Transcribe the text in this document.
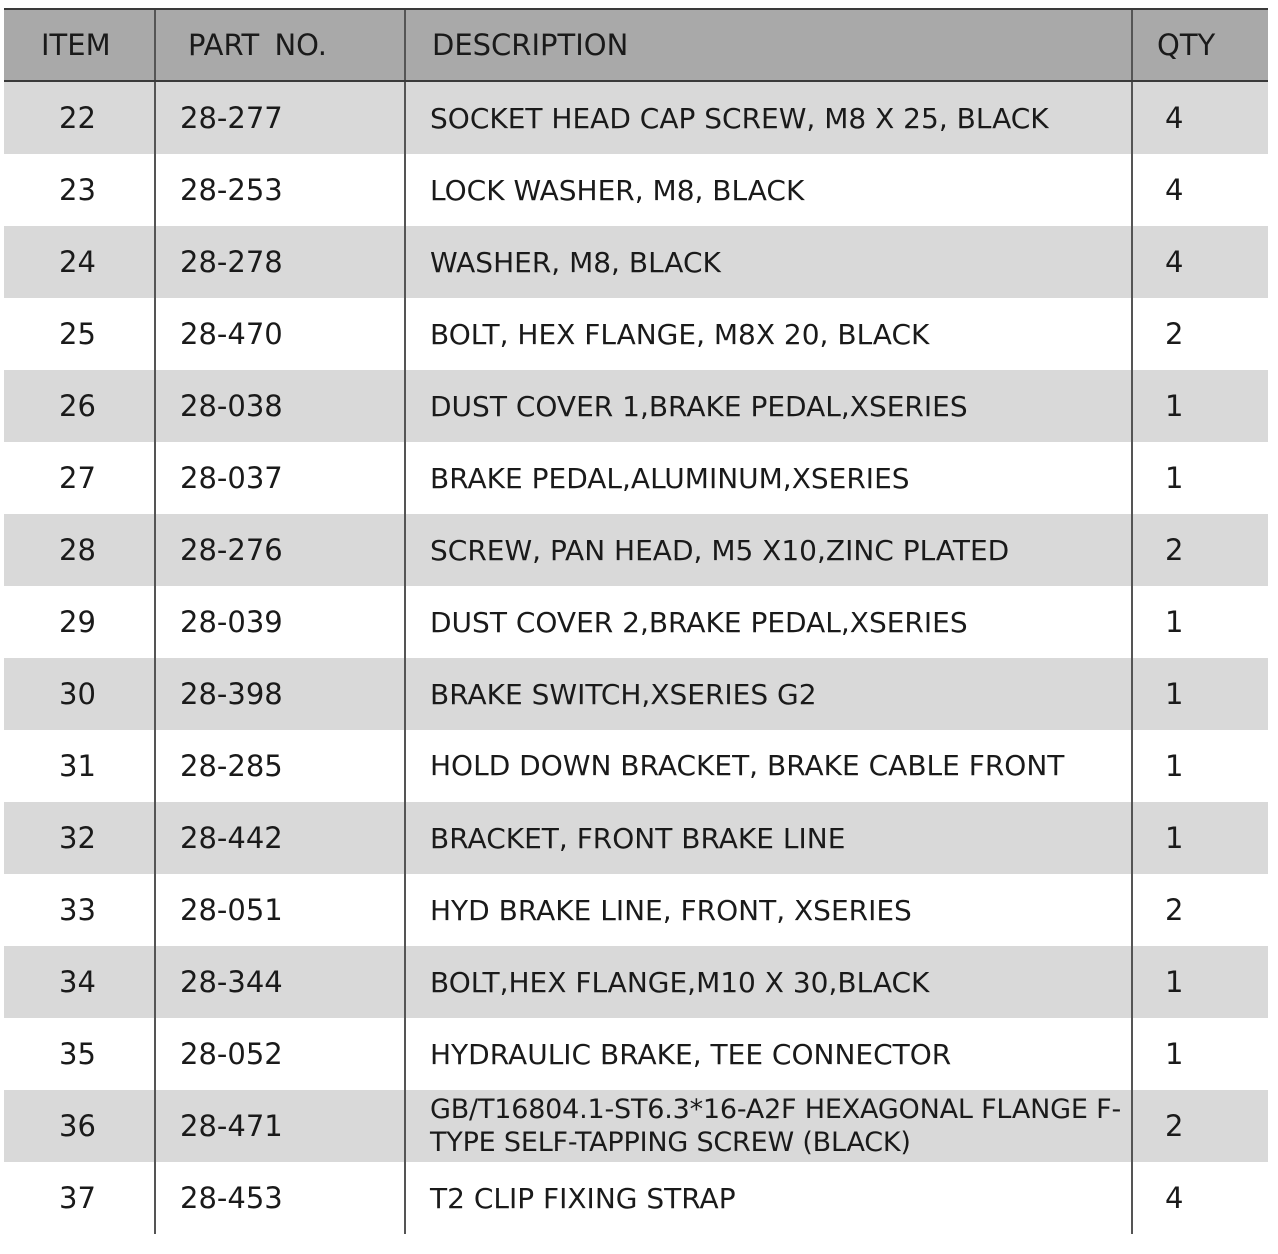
ITEM	PART NO.	DESCRIPTION	QTY
22	28-277	SOCKET HEAD CAP SCREW, M8 X 25, BLACK	4
23	28-253	LOCK WASHER, M8, BLACK	4
24	28-278	WASHER, M8, BLACK	4
25	28-470	BOLT, HEX FLANGE, M8X 20, BLACK	2
26	28-038	DUST COVER 1,BRAKE PEDAL,XSERIES	1
27	28-037	BRAKE PEDAL,ALUMINUM,XSERIES	1
28	28-276	SCREW, PAN HEAD, M5 X10,ZINC PLATED	2
29	28-039	DUST COVER 2,BRAKE PEDAL,XSERIES	1
30	28-398	BRAKE SWITCH,XSERIES G2	1
31	28-285	HOLD DOWN BRACKET, BRAKE CABLE FRONT	1
32	28-442	BRACKET, FRONT BRAKE LINE	1
33	28-051	HYD BRAKE LINE, FRONT, XSERIES	2
34	28-344	BOLT,HEX FLANGE,M10 X 30,BLACK	1
35	28-052	HYDRAULIC BRAKE, TEE CONNECTOR	1
36	28-471	GB/T16804.1-ST6.3*16-A2F HEXAGONAL FLANGE F-TYPE SELF-TAPPING SCREW (BLACK)	2
37	28-453	T2 CLIP FIXING STRAP	4
